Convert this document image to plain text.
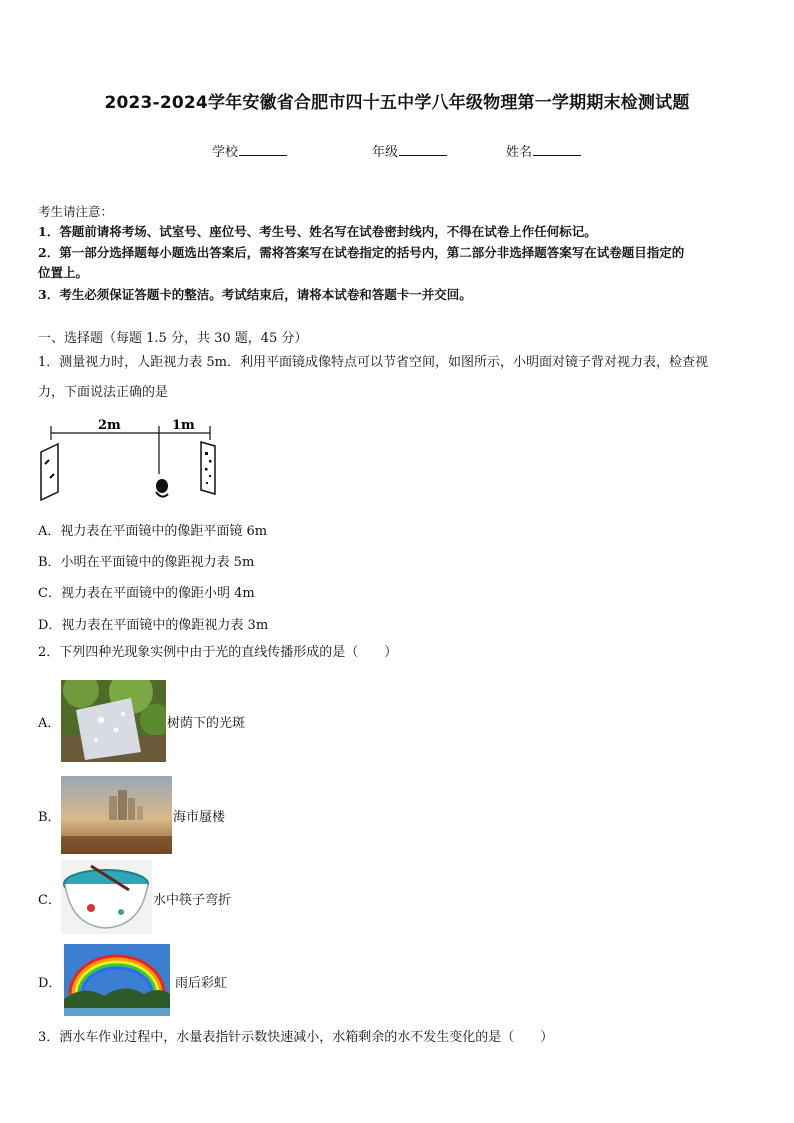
2023-2024学年安徽省合肥市四十五中学八年级物理第一学期期末检测试题
学校	年级	姓名
考生请注意：
1．答题前请将考场、试室号、座位号、考生号、姓名写在试卷密封线内，不得在试卷上作任何标记。
2．第一部分选择题每小题选出答案后，需将答案写在试卷指定的括号内，第二部分非选择题答案写在试卷题目指定的
位置上。
3．考生必须保证答题卡的整洁。考试结束后，请将本试卷和答题卡一并交回。
一、选择题（每题 1.5 分，共 30 题，45 分）
1．测量视力时，人距视力表 5m．利用平面镜成像特点可以节省空间，如图所示，小明面对镜子背对视力表，检查视
力，下面说法正确的是
2m	1m
A．视力表在平面镜中的像距平面镜 6m
B．小明在平面镜中的像距视力表 5m
C．视力表在平面镜中的像距小明 4m
D．视力表在平面镜中的像距视力表 3m
2．下列四种光现象实例中由于光的直线传播形成的是（　　）
A．	树荫下的光斑
B．	海市蜃楼
C．	水中筷子弯折
D．	雨后彩虹
3．洒水车作业过程中，水量表指针示数快速减小，水箱剩余的水不发生变化的是（　　）
